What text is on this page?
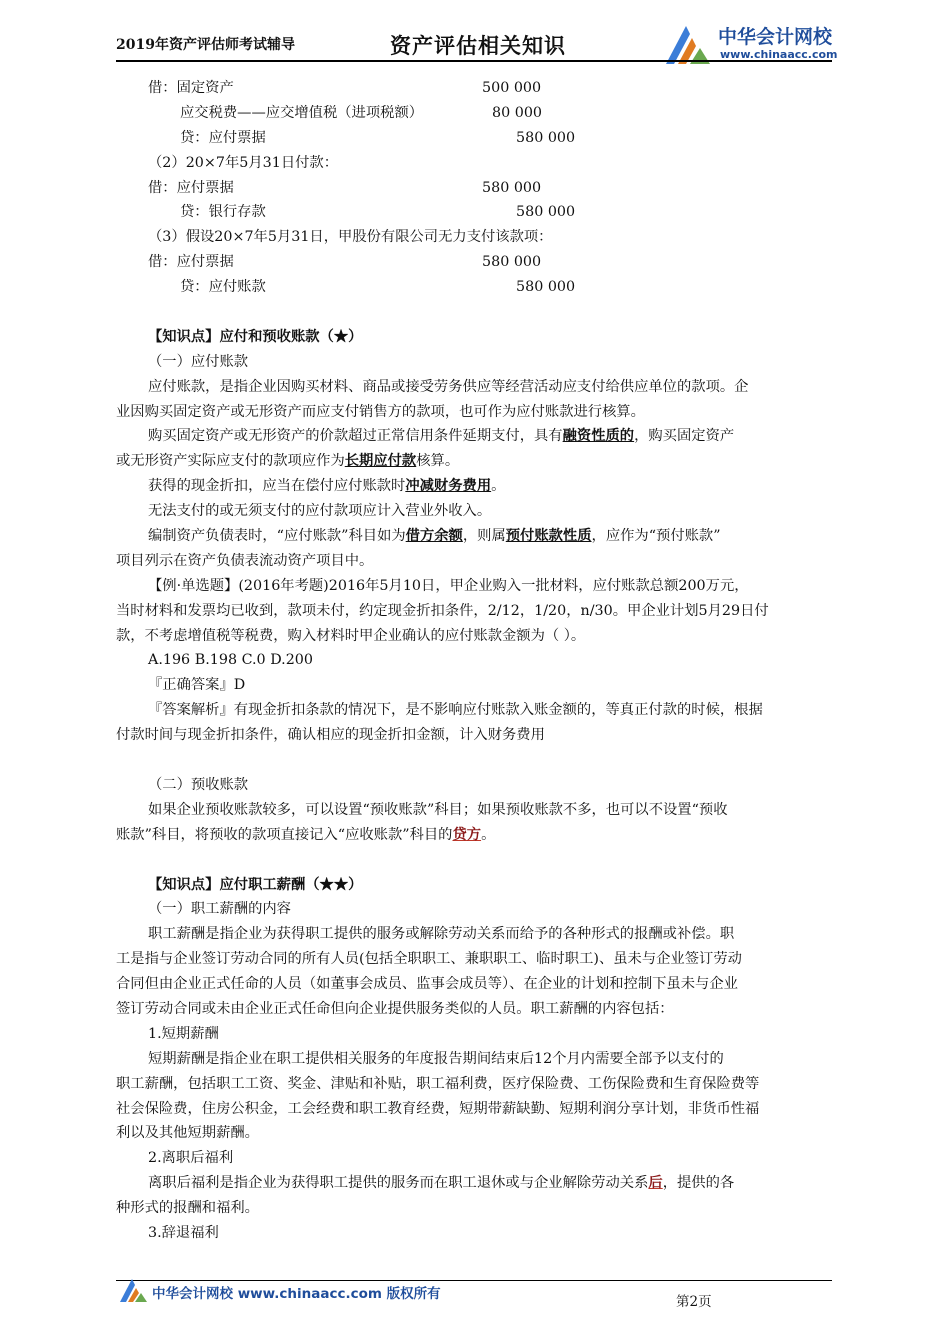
2019年资产评估师考试辅导	资产评估相关知识	中华会计网校
www.chinaacc.com
借：固定资产	500 000
应交税费——应交增值税（进项税额）	80 000
贷：应付票据	580 000
（2）20×7年5月31日付款：
借：应付票据	580 000
贷：银行存款	580 000
（3）假设20×7年5月31日，甲股份有限公司无力支付该款项：
借：应付票据	580 000
贷：应付账款	580 000
【知识点】应付和预收账款（★）
（一）应付账款
应付账款，是指企业因购买材料、商品或接受劳务供应等经营活动应支付给供应单位的款项。企
业因购买固定资产或无形资产而应支付销售方的款项，也可作为应付账款进行核算。
购买固定资产或无形资产的价款超过正常信用条件延期支付，具有融资性质的，购买固定资产
或无形资产实际应支付的款项应作为长期应付款核算。
获得的现金折扣，应当在偿付应付账款时冲减财务费用。
无法支付的或无须支付的应付款项应计入营业外收入。
编制资产负债表时，“应付账款”科目如为借方余额，则属预付账款性质，应作为“预付账款”
项目列示在资产负债表流动资产项目中。
【例·单选题】(2016年考题)2016年5月10日，甲企业购入一批材料，应付账款总额200万元，
当时材料和发票均已收到，款项未付，约定现金折扣条件，2/12，1/20，n/30。甲企业计划5月29日付
款，不考虑增值税等税费，购入材料时甲企业确认的应付账款金额为（ ）。
A.196 B.198 C.0 D.200
『正确答案』D
『答案解析』有现金折扣条款的情况下，是不影响应付账款入账金额的，等真正付款的时候，根据
付款时间与现金折扣条件，确认相应的现金折扣金额，计入财务费用
（二）预收账款
如果企业预收账款较多，可以设置“预收账款”科目；如果预收账款不多，也可以不设置“预收
账款”科目，将预收的款项直接记入“应收账款”科目的贷方。
【知识点】应付职工薪酬（★★）
（一）职工薪酬的内容
职工薪酬是指企业为获得职工提供的服务或解除劳动关系而给予的各种形式的报酬或补偿。职
工是指与企业签订劳动合同的所有人员(包括全职职工、兼职职工、临时职工)、虽未与企业签订劳动
合同但由企业正式任命的人员（如董事会成员、监事会成员等）、在企业的计划和控制下虽未与企业
签订劳动合同或未由企业正式任命但向企业提供服务类似的人员。职工薪酬的内容包括：
1.短期薪酬
短期薪酬是指企业在职工提供相关服务的年度报告期间结束后12个月内需要全部予以支付的
职工薪酬，包括职工工资、奖金、津贴和补贴，职工福利费，医疗保险费、工伤保险费和生育保险费等
社会保险费，住房公积金，工会经费和职工教育经费，短期带薪缺勤、短期利润分享计划，非货币性福
利以及其他短期薪酬。
2.离职后福利
离职后福利是指企业为获得职工提供的服务而在职工退休或与企业解除劳动关系后，提供的各
种形式的报酬和福利。
3.辞退福利
中华会计网校 www.chinaacc.com 版权所有	第2页
